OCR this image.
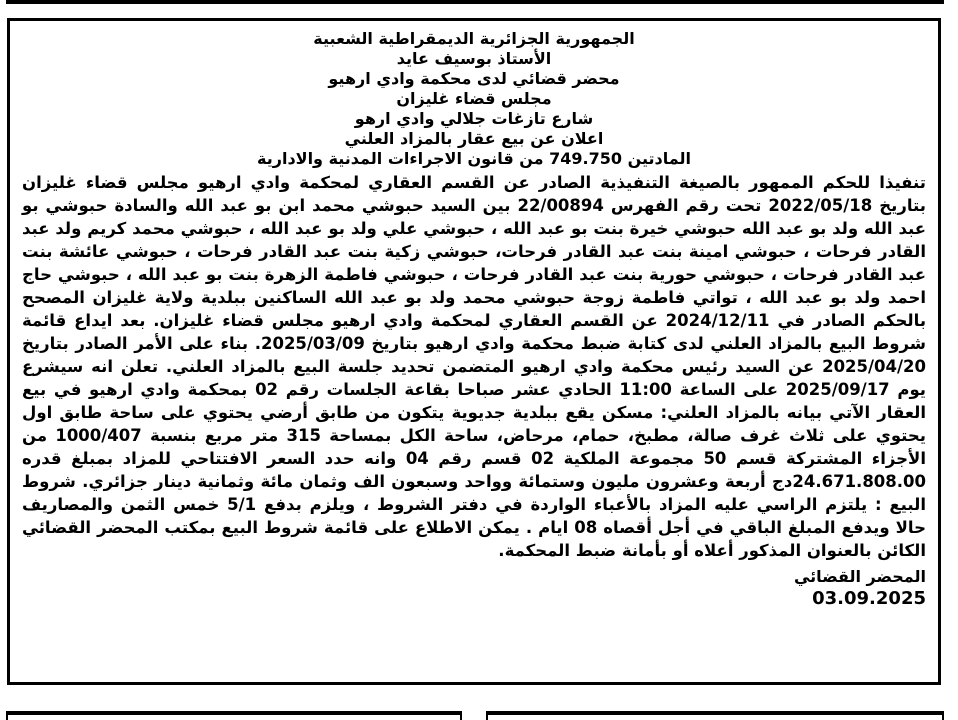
الجمهورية الجزائرية الديمقراطية الشعبية
الأستاذ بوسيف عايد
محضر قضائي لدى محكمة وادي ارهيو
مجلس قضاء غليزان
شارع تازغات جلالي وادي ارهو
اعلان عن بيع عقار بالمزاد العلني
المادتين 749.750 من قانون الاجراءات المدنية والادارية
تنفيذا للحكم الممهور بالصيغة التنفيذية الصادر عن القسم العقاري لمحكمة وادي ارهيو مجلس قضاء غليزان بتاريخ 2022/05/18 تحت رقم الفهرس 22/00894 بين السيد حبوشي محمد ابن بو عبد الله والسادة حبوشي بو عبد الله ولد بو عبد الله حبوشي خيرة بنت بو عبد الله ، حبوشي علي ولد بو عبد الله ، حبوشي محمد كريم ولد عبد القادر فرحات ، حبوشي امينة بنت عبد القادر فرحات، حبوشي زكية بنت عبد القادر فرحات ، حبوشي عائشة بنت عبد القادر فرحات ، حبوشي حورية بنت عبد القادر فرحات ، حبوشي فاطمة الزهرة بنت بو عبد الله ، حبوشي حاج احمد ولد بو عبد الله ، تواتي فاطمة زوجة حبوشي محمد ولد بو عبد الله الساكنين ببلدية ولاية غليزان المصحح بالحكم الصادر في 2024/12/11 عن القسم العقاري لمحكمة وادي ارهيو مجلس قضاء غليزان. بعد ايداع قائمة شروط البيع بالمزاد العلني لدى كتابة ضبط محكمة وادي ارهيو بتاريخ 2025/03/09. بناء على الأمر الصادر بتاريخ 2025/04/20 عن السيد رئيس محكمة وادي ارهيو المتضمن تحديد جلسة البيع بالمزاد العلني. تعلن انه سيشرع يوم 2025/09/17 على الساعة 11:00 الحادي عشر صباحا بقاعة الجلسات رقم 02 بمحكمة وادي ارهيو في بيع العقار الآتي بيانه بالمزاد العلني: مسكن يقع ببلدية جديوية يتكون من طابق أرضي يحتوي على ساحة طابق اول يحتوي على ثلاث غرف صالة، مطبخ، حمام، مرحاض، ساحة الكل بمساحة 315 متر مربع بنسبة 1000/407 من الأجزاء المشتركة قسم 50 مجموعة الملكية 02 قسم رقم 04 وانه حدد السعر الافتتاحي للمزاد بمبلغ قدره 24.671.808.00دج أربعة وعشرون مليون وستمائة وواحد وسبعون الف وثمان مائة وثمانية دينار جزائري. شروط البيع : يلتزم الراسي عليه المزاد بالأعباء الواردة في دفتر الشروط ، ويلزم بدفع 5/1 خمس الثمن والمصاريف حالا ويدفع المبلغ الباقي في أجل أقصاه 08 ايام . يمكن الاطلاع على قائمة شروط البيع بمكتب المحضر القضائي الكائن بالعنوان المذكور أعلاه أو بأمانة ضبط المحكمة.
المحضر القضائي
03.09.2025
